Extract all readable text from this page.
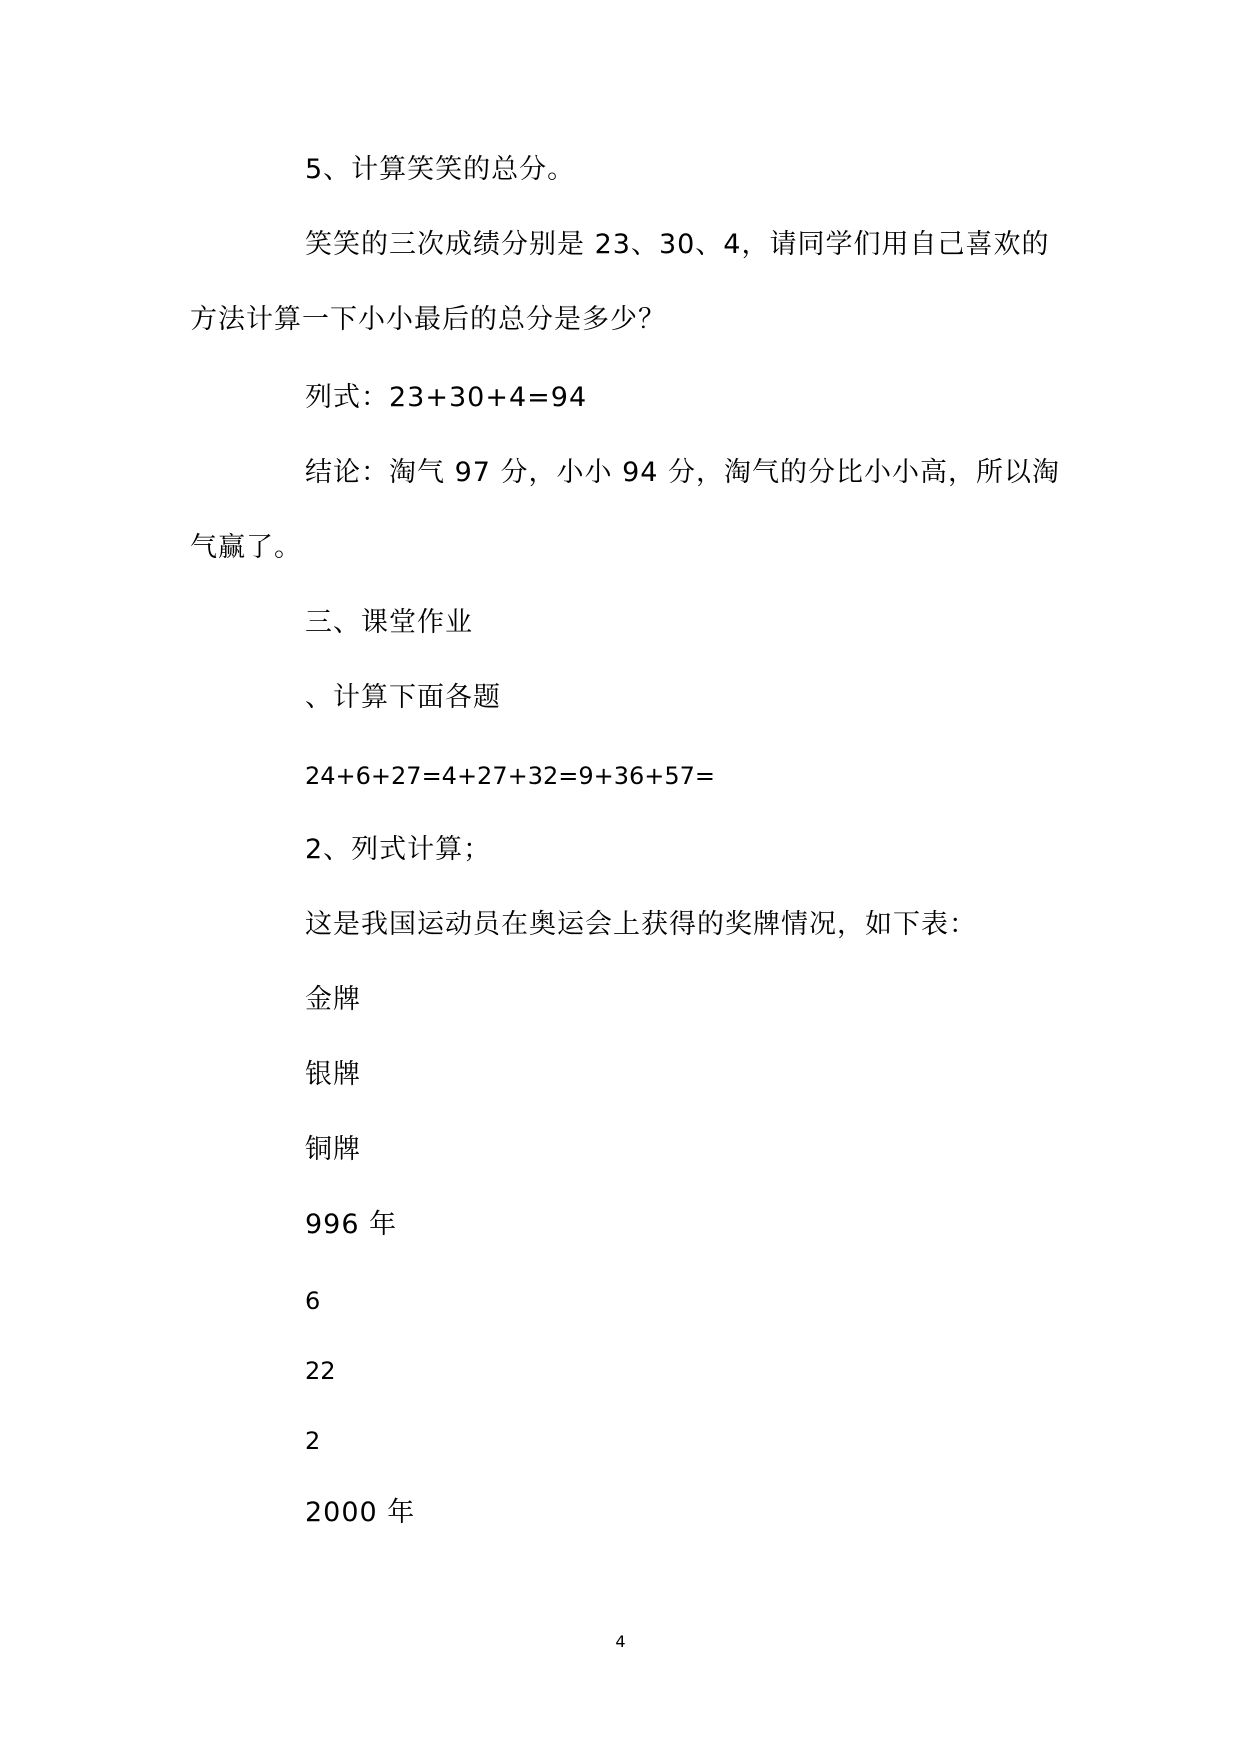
5、计算笑笑的总分。
笑笑的三次成绩分别是 23、30、4，请同学们用自己喜欢的
方法计算一下小小最后的总分是多少？
列式：23+30+4=94
结论：淘气 97 分，小小 94 分，淘气的分比小小高，所以淘
气赢了。
三、课堂作业
、计算下面各题
24+6+27=4+27+32=9+36+57=
2、列式计算；
这是我国运动员在奥运会上获得的奖牌情况，如下表：
金牌
银牌
铜牌
996 年
6
22
2
2000 年
4
